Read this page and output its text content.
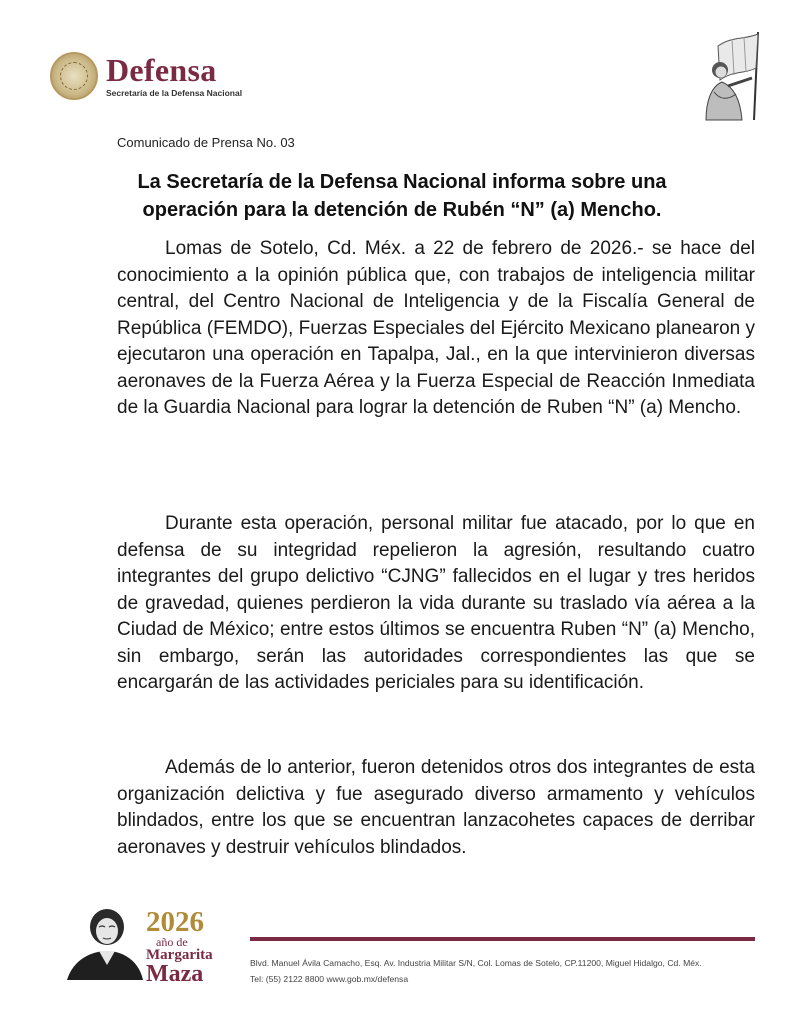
Defensa
Secretaría de la Defensa Nacional
Comunicado de Prensa No. 03
La Secretaría de la Defensa Nacional informa sobre una operación para la detención de Rubén “N” (a) Mencho.

Lomas de Sotelo, Cd. Méx. a 22 de febrero de 2026.- se hace del conocimiento a la opinión pública que, con trabajos de inteligencia militar central, del Centro Nacional de Inteligencia y de la Fiscalía General de República (FEMDO), Fuerzas Especiales del Ejército Mexicano planearon y ejecutaron una operación en Tapalpa, Jal., en la que intervinieron diversas aeronaves de la Fuerza Aérea y la Fuerza Especial de Reacción Inmediata de la Guardia Nacional para lograr la detención de Ruben “N” (a) Mencho.

Durante esta operación, personal militar fue atacado, por lo que en defensa de su integridad repelieron la agresión, resultando cuatro integrantes del grupo delictivo “CJNG” fallecidos en el lugar y tres heridos de gravedad, quienes perdieron la vida durante su traslado vía aérea a la Ciudad de México; entre estos últimos se encuentra Ruben “N” (a) Mencho, sin embargo, serán las autoridades correspondientes las que se encargarán de las actividades periciales para su identificación.

Además de lo anterior, fueron detenidos otros dos integrantes de esta organización delictiva y fue asegurado diverso armamento y vehículos blindados, entre los que se encuentran lanzacohetes capaces de derribar aeronaves y destruir vehículos blindados.

2026
año de
Margarita
Maza	Blvd. Manuel Ávila Camacho, Esq. Av. Industria Militar S/N, Col. Lomas de Sotelo, CP.11200, Miguel Hidalgo, Cd. Méx.
Tel: (55) 2122 8800 www.gob.mx/defensa
